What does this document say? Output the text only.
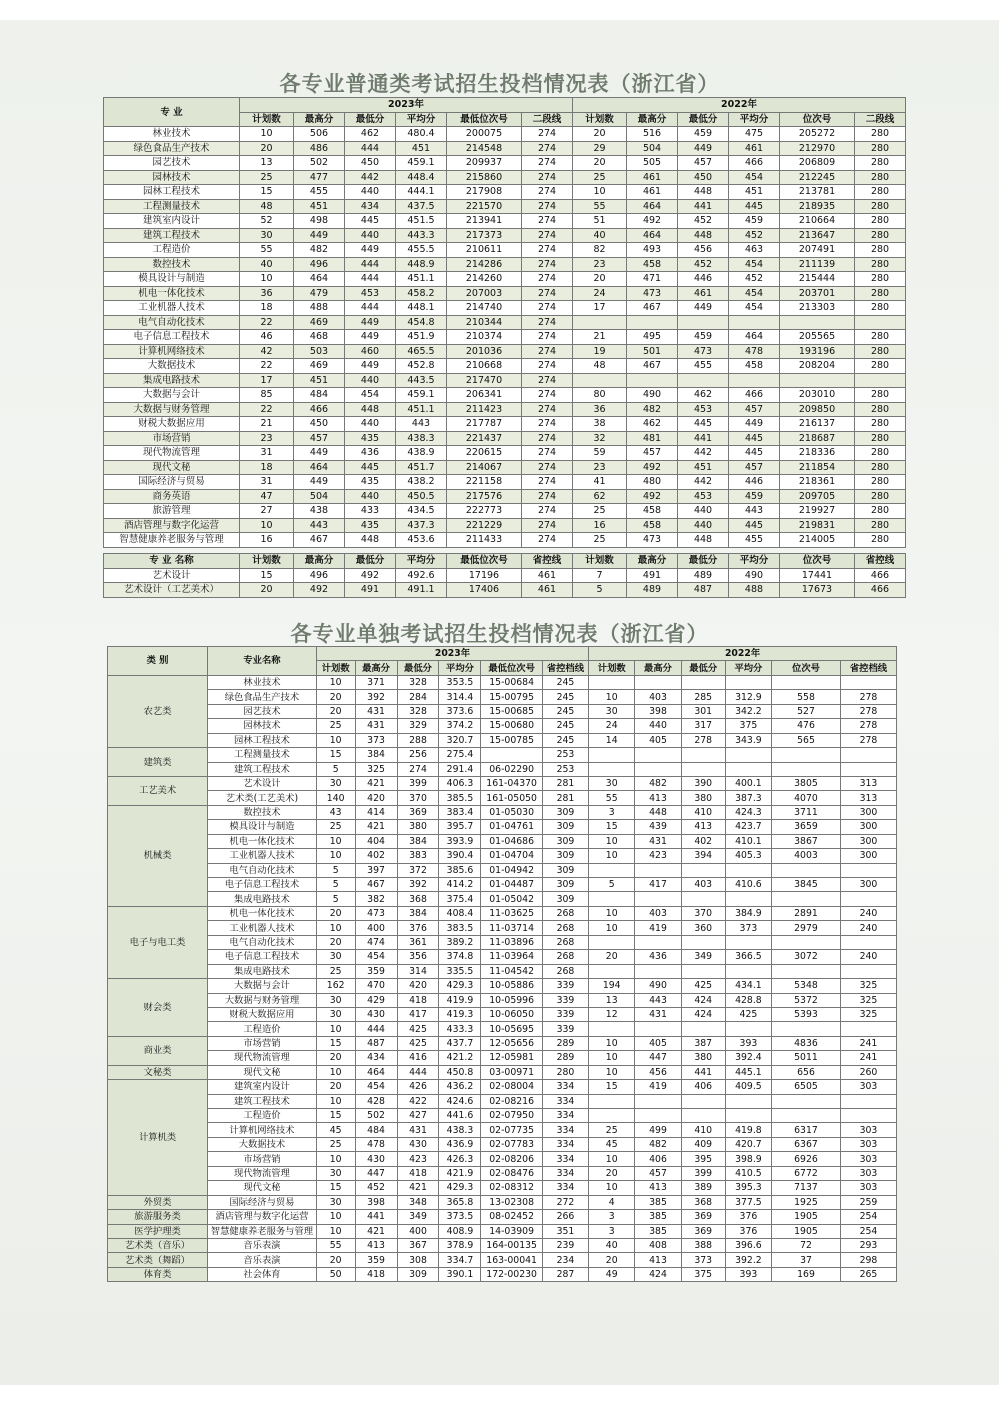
各专业普通类考试招生投档情况表（浙江省）
专 业	2023年						2022年					
	计划数	最高分	最低分	平均分	最低位次号	二段线	计划数	最高分	最低分	平均分	位次号	二段线
林业技术	10	506	462	480.4	200075	274	20	516	459	475	205272	280
绿色食品生产技术	20	486	444	451	214548	274	29	504	449	461	212970	280
园艺技术	13	502	450	459.1	209937	274	20	505	457	466	206809	280
园林技术	25	477	442	448.4	215860	274	25	461	450	454	212245	280
园林工程技术	15	455	440	444.1	217908	274	10	461	448	451	213781	280
工程测量技术	48	451	434	437.5	221570	274	55	464	441	445	218935	280
建筑室内设计	52	498	445	451.5	213941	274	51	492	452	459	210664	280
建筑工程技术	30	449	440	443.3	217373	274	40	464	448	452	213647	280
工程造价	55	482	449	455.5	210611	274	82	493	456	463	207491	280
数控技术	40	496	444	448.9	214286	274	23	458	452	454	211139	280
模具设计与制造	10	464	444	451.1	214260	274	20	471	446	452	215444	280
机电一体化技术	36	479	453	458.2	207003	274	24	473	461	454	203701	280
工业机器人技术	18	488	444	448.1	214740	274	17	467	449	454	213303	280
电气自动化技术	22	469	449	454.8	210344	274						
电子信息工程技术	46	468	449	451.9	210374	274	21	495	459	464	205565	280
计算机网络技术	42	503	460	465.5	201036	274	19	501	473	478	193196	280
大数据技术	22	469	449	452.8	210668	274	48	467	455	458	208204	280
集成电路技术	17	451	440	443.5	217470	274						
大数据与会计	85	484	454	459.1	206341	274	80	490	462	466	203010	280
大数据与财务管理	22	466	448	451.1	211423	274	36	482	453	457	209850	280
财税大数据应用	21	450	440	443	217787	274	38	462	445	449	216137	280
市场营销	23	457	435	438.3	221437	274	32	481	441	445	218687	280
现代物流管理	31	449	436	438.9	220615	274	59	457	442	445	218336	280
现代文秘	18	464	445	451.7	214067	274	23	492	451	457	211854	280
国际经济与贸易	31	449	435	438.2	221158	274	41	480	442	446	218361	280
商务英语	47	504	440	450.5	217576	274	62	492	453	459	209705	280
旅游管理	27	438	433	434.5	222773	274	25	458	440	443	219927	280
酒店管理与数字化运营	10	443	435	437.3	221229	274	16	458	440	445	219831	280
智慧健康养老服务与管理	16	467	448	453.6	211433	274	25	473	448	455	214005	280
专 业 名称	计划数	最高分	最低分	平均分	最低位次号	省控线	计划数	最高分	最低分	平均分	位次号	省控线
艺术设计	15	496	492	492.6	17196	461	7	491	489	490	17441	466
艺术设计（工艺美术）	20	492	491	491.1	17406	461	5	489	487	488	17673	466
各专业单独考试招生投档情况表（浙江省）
类 别	专业名称	2023年						2022年					
		计划数	最高分	最低分	平均分	最低位次号	省控档线	计划数	最高分	最低分	平均分	位次号	省控档线
农艺类	林业技术	10	371	328	353.5	15-00684	245						
	绿色食品生产技术	20	392	284	314.4	15-00795	245	10	403	285	312.9	558	278
	园艺技术	20	431	328	373.6	15-00685	245	30	398	301	342.2	527	278
	园林技术	25	431	329	374.2	15-00680	245	24	440	317	375	476	278
	园林工程技术	10	373	288	320.7	15-00785	245	14	405	278	343.9	565	278
建筑类	工程测量技术	15	384	256	275.4		253						
	建筑工程技术	5	325	274	291.4	06-02290	253						
工艺美术	艺术设计	30	421	399	406.3	161-04370	281	30	482	390	400.1	3805	313
	艺术类(工艺美术)	140	420	370	385.5	161-05050	281	55	413	380	387.3	4070	313
机械类	数控技术	43	414	369	383.4	01-05030	309	3	448	410	424.3	3711	300
	模具设计与制造	25	421	380	395.7	01-04761	309	15	439	413	423.7	3659	300
	机电一体化技术	10	404	384	393.9	01-04686	309	10	431	402	410.1	3867	300
	工业机器人技术	10	402	383	390.4	01-04704	309	10	423	394	405.3	4003	300
	电气自动化技术	5	397	372	385.6	01-04942	309						
	电子信息工程技术	5	467	392	414.2	01-04487	309	5	417	403	410.6	3845	300
	集成电路技术	5	382	368	375.4	01-05042	309						
电子与电工类	机电一体化技术	20	473	384	408.4	11-03625	268	10	403	370	384.9	2891	240
	工业机器人技术	10	400	376	383.5	11-03714	268	10	419	360	373	2979	240
	电气自动化技术	20	474	361	389.2	11-03896	268						
	电子信息工程技术	30	454	356	374.8	11-03964	268	20	436	349	366.5	3072	240
	集成电路技术	25	359	314	335.5	11-04542	268						
财会类	大数据与会计	162	470	420	429.3	10-05886	339	194	490	425	434.1	5348	325
	大数据与财务管理	30	429	418	419.9	10-05996	339	13	443	424	428.8	5372	325
	财税大数据应用	30	430	417	419.3	10-06050	339	12	431	424	425	5393	325
	工程造价	10	444	425	433.3	10-05695	339						
商业类	市场营销	15	487	425	437.7	12-05656	289	10	405	387	393	4836	241
	现代物流管理	20	434	416	421.2	12-05981	289	10	447	380	392.4	5011	241
文秘类	现代文秘	10	464	444	450.8	03-00971	280	10	456	441	445.1	656	260
计算机类	建筑室内设计	20	454	426	436.2	02-08004	334	15	419	406	409.5	6505	303
	建筑工程技术	10	428	422	424.6	02-08216	334						
	工程造价	15	502	427	441.6	02-07950	334						
	计算机网络技术	45	484	431	438.3	02-07735	334	25	499	410	419.8	6317	303
	大数据技术	25	478	430	436.9	02-07783	334	45	482	409	420.7	6367	303
	市场营销	10	430	423	426.3	02-08206	334	10	406	395	398.9	6926	303
	现代物流管理	30	447	418	421.9	02-08476	334	20	457	399	410.5	6772	303
	现代文秘	15	452	421	429.3	02-08312	334	10	413	389	395.3	7137	303
外贸类	国际经济与贸易	30	398	348	365.8	13-02308	272	4	385	368	377.5	1925	259
旅游服务类	酒店管理与数字化运营	10	441	349	373.5	08-02452	266	3	385	369	376	1905	254
医学护理类	智慧健康养老服务与管理	10	421	400	408.9	14-03909	351	3	385	369	376	1905	254
艺术类（音乐）	音乐表演	55	413	367	378.9	164-00135	239	40	408	388	396.6	72	293
艺术类（舞蹈）	音乐表演	20	359	308	334.7	163-00041	234	20	413	373	392.2	37	298
体育类	社会体育	50	418	309	390.1	172-00230	287	49	424	375	393	169	265
